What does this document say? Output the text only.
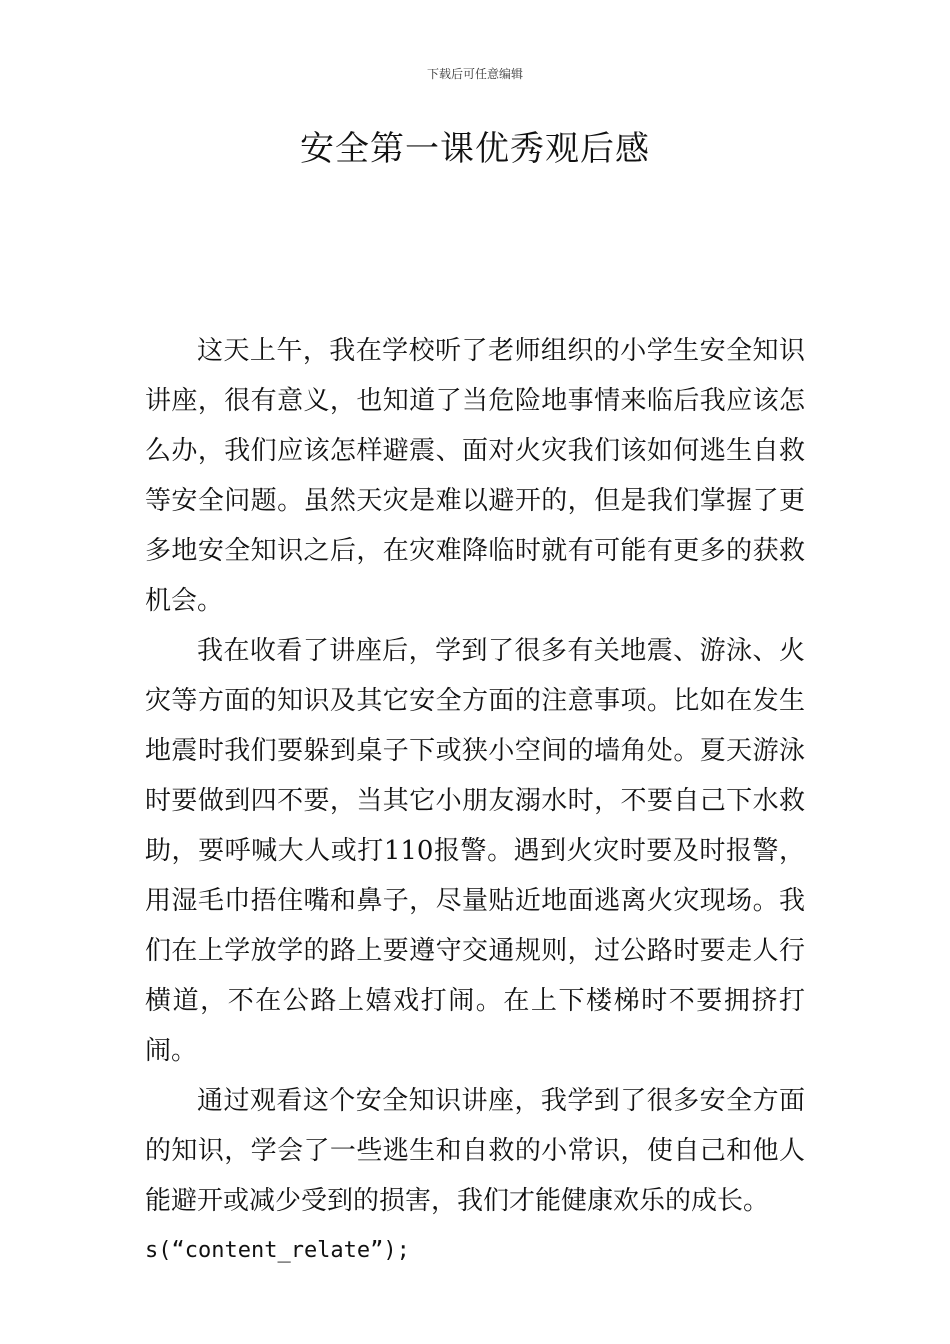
下载后可任意编辑
安全第一课优秀观后感

这天上午，我在学校听了老师组织的小学生安全知识讲座，很有意义，也知道了当危险地事情来临后我应该怎么办，我们应该怎样避震、面对火灾我们该如何逃生自救等安全问题。虽然天灾是难以避开的，但是我们掌握了更多地安全知识之后，在灾难降临时就有可能有更多的获救机会。

我在收看了讲座后，学到了很多有关地震、游泳、火灾等方面的知识及其它安全方面的注意事项。比如在发生地震时我们要躲到桌子下或狭小空间的墙角处。夏天游泳时要做到四不要，当其它小朋友溺水时，不要自己下水救助，要呼喊大人或打110报警。遇到火灾时要及时报警，用湿毛巾捂住嘴和鼻子，尽量贴近地面逃离火灾现场。我们在上学放学的路上要遵守交通规则，过公路时要走人行横道，不在公路上嬉戏打闹。在上下楼梯时不要拥挤打闹。

通过观看这个安全知识讲座，我学到了很多安全方面的知识，学会了一些逃生和自救的小常识，使自己和他人能避开或减少受到的损害，我们才能健康欢乐的成长。

s(“content_relate”);
